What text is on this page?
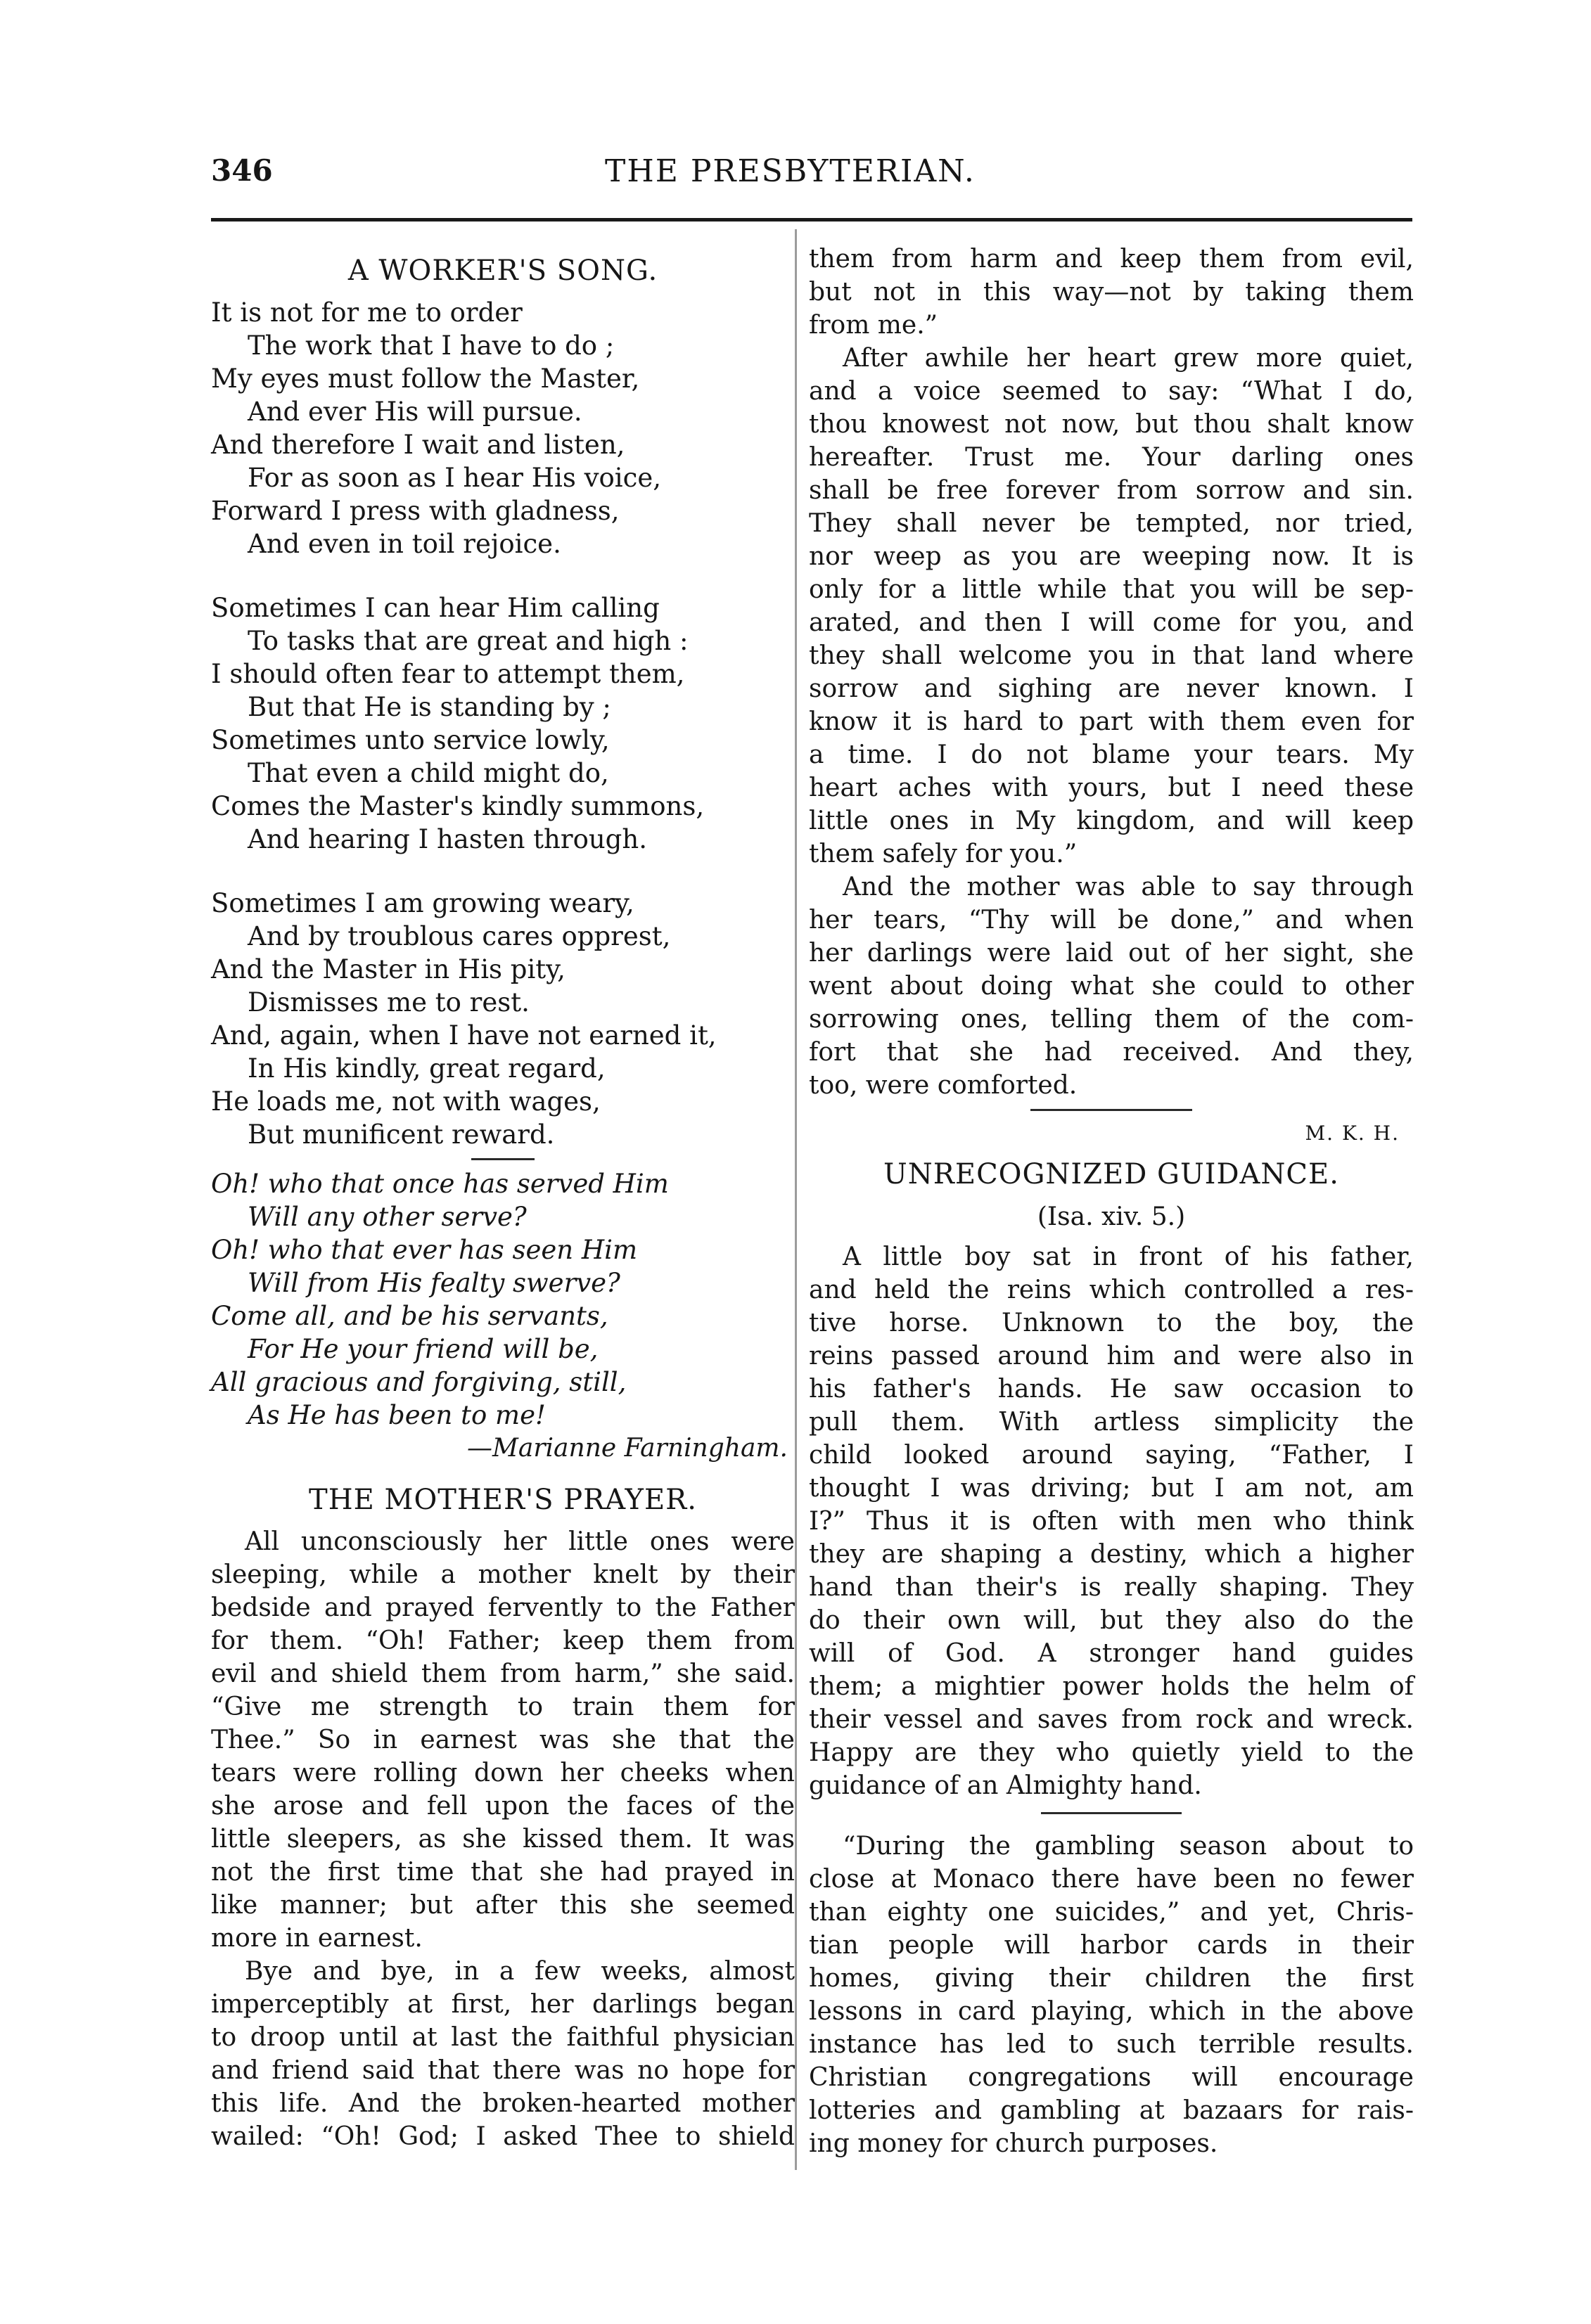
346	THE PRESBYTERIAN.
A WORKER'S SONG.
It is not for me to order
The work that I have to do ;
My eyes must follow the Master,
And ever His will pursue.
And therefore I wait and listen,
For as soon as I hear His voice,
Forward I press with gladness,
And even in toil rejoice.
Sometimes I can hear Him calling
To tasks that are great and high :
I should often fear to attempt them,
But that He is standing by ;
Sometimes unto service lowly,
That even a child might do,
Comes the Master's kindly summons,
And hearing I hasten through.
Sometimes I am growing weary,
And by troublous cares opprest,
And the Master in His pity,
Dismisses me to rest.
And, again, when I have not earned it,
In His kindly, great regard,
He loads me, not with wages,
But munificent reward.
Oh! who that once has served Him
Will any other serve?
Oh! who that ever has seen Him
Will from His fealty swerve?
Come all, and be his servants,
For He your friend will be,
All gracious and forgiving, still,
As He has been to me!
—Marianne Farningham.
THE MOTHER'S PRAYER.
All unconsciously her little ones were
sleeping, while a mother knelt by their
bedside and prayed fervently to the Father
for them. “Oh! Father; keep them from
evil and shield them from harm,” she said.
“Give me strength to train them for
Thee.” So in earnest was she that the
tears were rolling down her cheeks when
she arose and fell upon the faces of the
little sleepers, as she kissed them. It was
not the first time that she had prayed in
like manner; but after this she seemed
more in earnest.
Bye and bye, in a few weeks, almost
imperceptibly at first, her darlings began
to droop until at last the faithful physician
and friend said that there was no hope for
this life. And the broken-hearted mother
wailed: “Oh! God; I asked Thee to shield
them from harm and keep them from evil,
but not in this way—not by taking them
from me.”
After awhile her heart grew more quiet,
and a voice seemed to say: “What I do,
thou knowest not now, but thou shalt know
hereafter. Trust me. Your darling ones
shall be free forever from sorrow and sin.
They shall never be tempted, nor tried,
nor weep as you are weeping now. It is
only for a little while that you will be sep-
arated, and then I will come for you, and
they shall welcome you in that land where
sorrow and sighing are never known. I
know it is hard to part with them even for
a time. I do not blame your tears. My
heart aches with yours, but I need these
little ones in My kingdom, and will keep
them safely for you.”
And the mother was able to say through
her tears, “Thy will be done,” and when
her darlings were laid out of her sight, she
went about doing what she could to other
sorrowing ones, telling them of the com-
fort that she had received. And they,
too, were comforted.
M. K. H.
UNRECOGNIZED GUIDANCE.
(Isa. xiv. 5.)
A little boy sat in front of his father,
and held the reins which controlled a res-
tive horse. Unknown to the boy, the
reins passed around him and were also in
his father's hands. He saw occasion to
pull them. With artless simplicity the
child looked around saying, “Father, I
thought I was driving; but I am not, am
I?” Thus it is often with men who think
they are shaping a destiny, which a higher
hand than their's is really shaping. They
do their own will, but they also do the
will of God. A stronger hand guides
them; a mightier power holds the helm of
their vessel and saves from rock and wreck.
Happy are they who quietly yield to the
guidance of an Almighty hand.
“During the gambling season about to
close at Monaco there have been no fewer
than eighty one suicides,” and yet, Chris-
tian people will harbor cards in their
homes, giving their children the first
lessons in card playing, which in the above
instance has led to such terrible results.
Christian congregations will encourage
lotteries and gambling at bazaars for rais-
ing money for church purposes.
